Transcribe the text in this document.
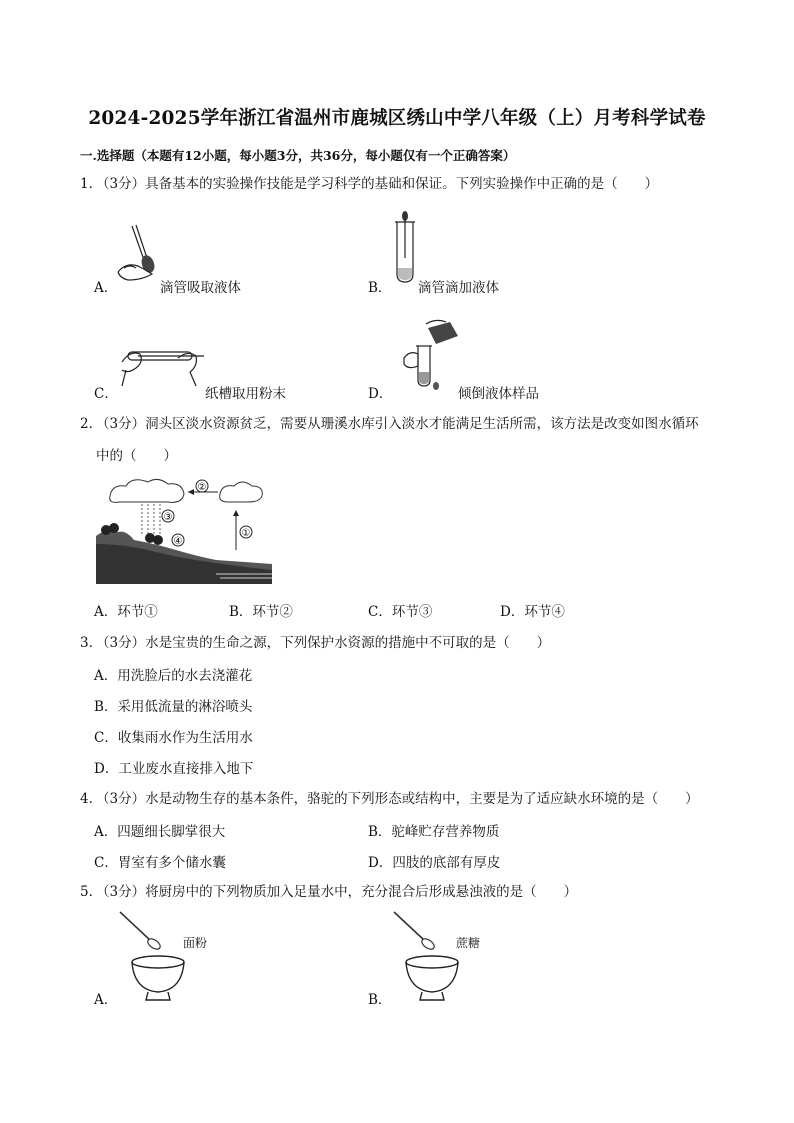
2024-2025学年浙江省温州市鹿城区绣山中学八年级（上）月考科学试卷
一.选择题（本题有12小题，每小题3分，共36分，每小题仅有一个正确答案）
1．（3分）具备基本的实验操作技能是学习科学的基础和保证。下列实验操作中正确的是（　　）
A．	滴管吸取液体	B． 滴管滴加液体
C．	纸槽取用粉末	D．	倾倒液体样品
2．（3分）洞头区淡水资源贫乏，需要从珊溪水库引入淡水才能满足生活所需，该方法是改变如图水循环
中的（　　）
②
③
①
④
A．环节①	B．环节②	C．环节③	D．环节④
3．（3分）水是宝贵的生命之源，下列保护水资源的措施中不可取的是（　　）
A．用洗脸后的水去浇灌花
B．采用低流量的淋浴喷头
C．收集雨水作为生活用水
D．工业废水直接排入地下
4．（3分）水是动物生存的基本条件，骆驼的下列形态或结构中，主要是为了适应缺水环境的是（　　）
A．四题细长脚掌很大	B．驼峰贮存营养物质
C．胃室有多个储水囊	D．四肢的底部有厚皮
5．（3分）将厨房中的下列物质加入足量水中，充分混合后形成悬浊液的是（　　）
面粉
A．
蔗糖
B．
